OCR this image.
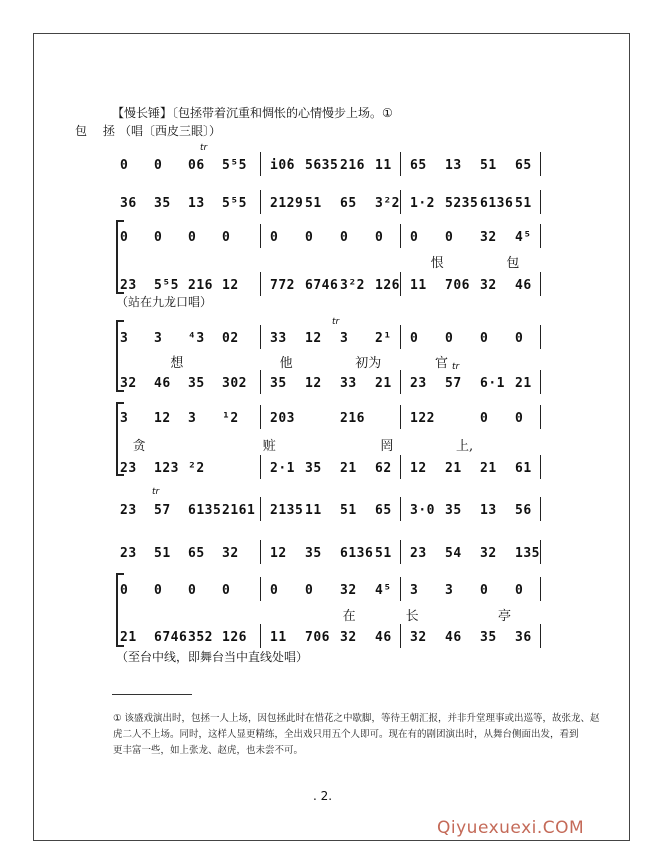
【慢长锤】〔包拯带着沉重和惆怅的心情慢步上场。①
包 拯
（唱〔西皮三眼〕）
0 0 06 5⁵5 i0̇6 5635 216 11 65 13 51 65
36 35 13 5⁵5 2129 51 65 3²2 1·2 5235 6136 51
0 0 0 0	0 0 0 0 0 0 32 4⁵
23 5⁵5 216 12 772 6746 3²2 126 11 706 32 46
3 3 ⁴3 02 33 12 3 2¹ 0 0 0 0
32 46 35 302 35 12 33 21 23 57 6·1 21
3 12 3 ¹2 203	216	122	0 0
23 123 ²2	2·1 35 21 62 12 21 21 61
23 57 6135 2161 2135 11 51 65 3·0 35 13 56
23 51 65 32 12 35 6136 51 23 54 32 135
0 0 0 0	0 0 32 4⁵ 3 3 0 0
21 6746 352 126 11 706 32 46 32 46 35 36
恨	包
想	他	初为	官
贪	赃	罔	上,
在	长	亭
（站在九龙口唱）
（至台中线，即舞台当中直线处唱）
tr
tr
tr
tr
① 该盛戏演出时，包拯一人上场，因包拯此时在惜花之中歇脚，等待王朝汇报，并非升堂理事或出巡等，故张龙、赵
虎二人不上场。同时，这样人显更精练，全出戏只用五个人即可。现在有的剧团演出时，从舞台侧面出发，看到
更丰富一些，如上张龙、赵虎，也未尝不可。
. 2.
Qiyuexuexi.COM
